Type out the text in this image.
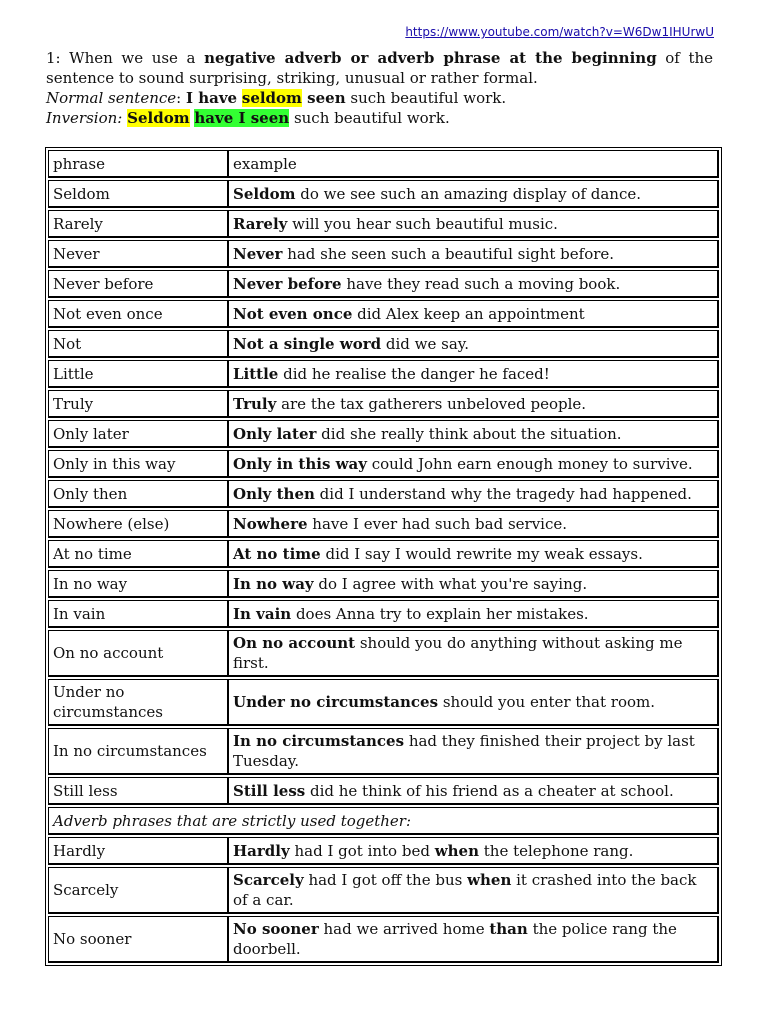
https://www.youtube.com/watch?v=W6Dw1IHUrwU

1: When we use a negative adverb or adverb phrase at the beginning of the sentence to sound surprising, striking, unusual or rather formal.

Normal sentence: I have seldom seen such beautiful work.

Inversion: Seldom have I seen such beautiful work.

phrase	example
Seldom	Seldom do we see such an amazing display of dance.
Rarely	Rarely will you hear such beautiful music.
Never	Never had she seen such a beautiful sight before.
Never before	Never before have they read such a moving book.
Not even once	Not even once did Alex keep an appointment
Not	Not a single word did we say.
Little	Little did he realise the danger he faced!
Truly	Truly are the tax gatherers unbeloved people.
Only later	Only later did she really think about the situation.
Only in this way	Only in this way could John earn enough money to survive.
Only then	Only then did I understand why the tragedy had happened.
Nowhere (else)	Nowhere have I ever had such bad service.
At no time	At no time did I say I would rewrite my weak essays.
In no way	In no way do I agree with what you're saying.
In vain	In vain does Anna try to explain her mistakes.
On no account	On no account should you do anything without asking me first.
Under no circumstances	Under no circumstances should you enter that room.
In no circumstances	In no circumstances had they finished their project by last Tuesday.
Still less	Still less did he think of his friend as a cheater at school.
Adverb phrases that are strictly used together:	
Hardly	Hardly had I got into bed when the telephone rang.
Scarcely	Scarcely had I got off the bus when it crashed into the back of a car.
No sooner	No sooner had we arrived home than the police rang the doorbell.
